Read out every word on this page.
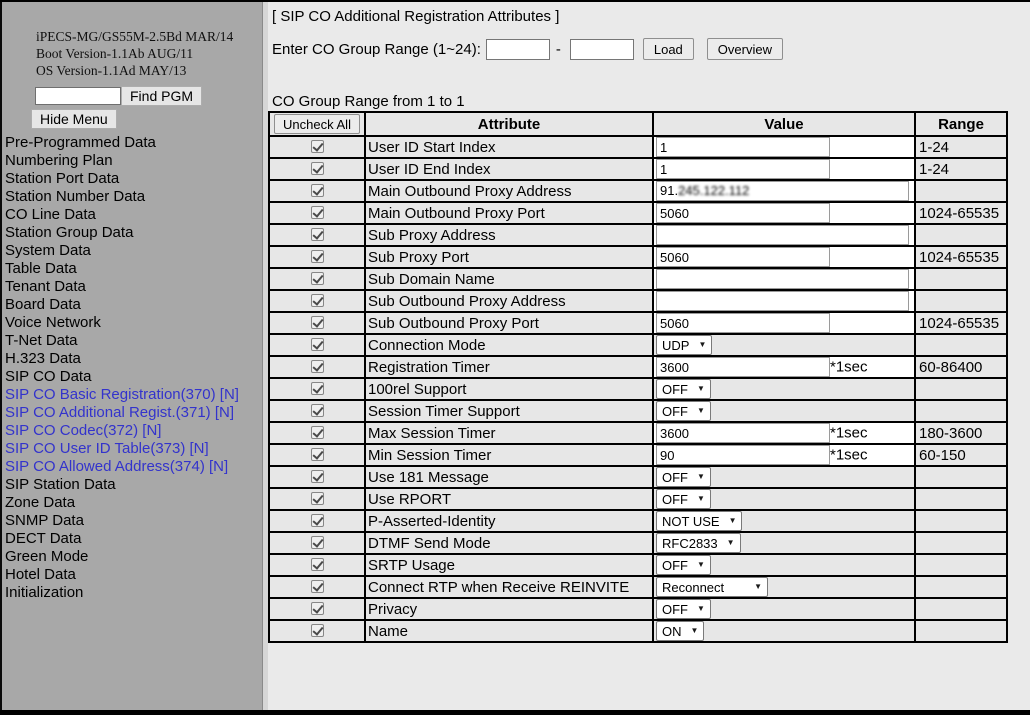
iPECS-MG/GS55M-2.5Bd MAR/14
Boot Version-1.1Ab AUG/11
OS Version-1.1Ad MAY/13
Find PGM
Hide Menu
Pre-Programmed Data
Numbering Plan
Station Port Data
Station Number Data
CO Line Data
Station Group Data
System Data
Table Data
Tenant Data
Board Data
Voice Network
T-Net Data
H.323 Data
SIP CO Data
SIP CO Basic Registration(370) [N]
SIP CO Additional Regist.(371) [N]
SIP CO Codec(372) [N]
SIP CO User ID Table(373) [N]
SIP CO Allowed Address(374) [N]
SIP Station Data
Zone Data
SNMP Data
DECT Data
Green Mode
Hotel Data
Initialization
[ SIP CO Additional Registration Attributes ]
Enter CO Group Range (1~24):	-	Load	Overview
CO Group Range from 1 to 1
Uncheck All	Attribute	Value	Range
	User ID Start Index	1	1-24
	User ID End Index	1	1-24
	Main Outbound Proxy Address	91.245.122.112	
	Main Outbound Proxy Port	5060	1024-65535
	Sub Proxy Address		
	Sub Proxy Port	5060	1024-65535
	Sub Domain Name		
	Sub Outbound Proxy Address		
	Sub Outbound Proxy Port	5060	1024-65535
	Connection Mode	UDP ▼	

	Registration Timer	3600*1sec	60-86400
	100rel Support	OFF ▼	

	Session Timer Support	OFF ▼	

	Max Session Timer	3600*1sec	180-3600
	Min Session Timer	90*1sec	60-150
	Use 181 Message	OFF ▼	

	Use RPORT	OFF ▼	

	P-Asserted-Identity	NOT USE ▼	

	DTMF Send Mode	RFC2833 ▼	

	SRTP Usage	OFF ▼	

	Connect RTP when Receive REINVITE	Reconnect ▼	

	Privacy	OFF ▼	

	Name	ON ▼	
